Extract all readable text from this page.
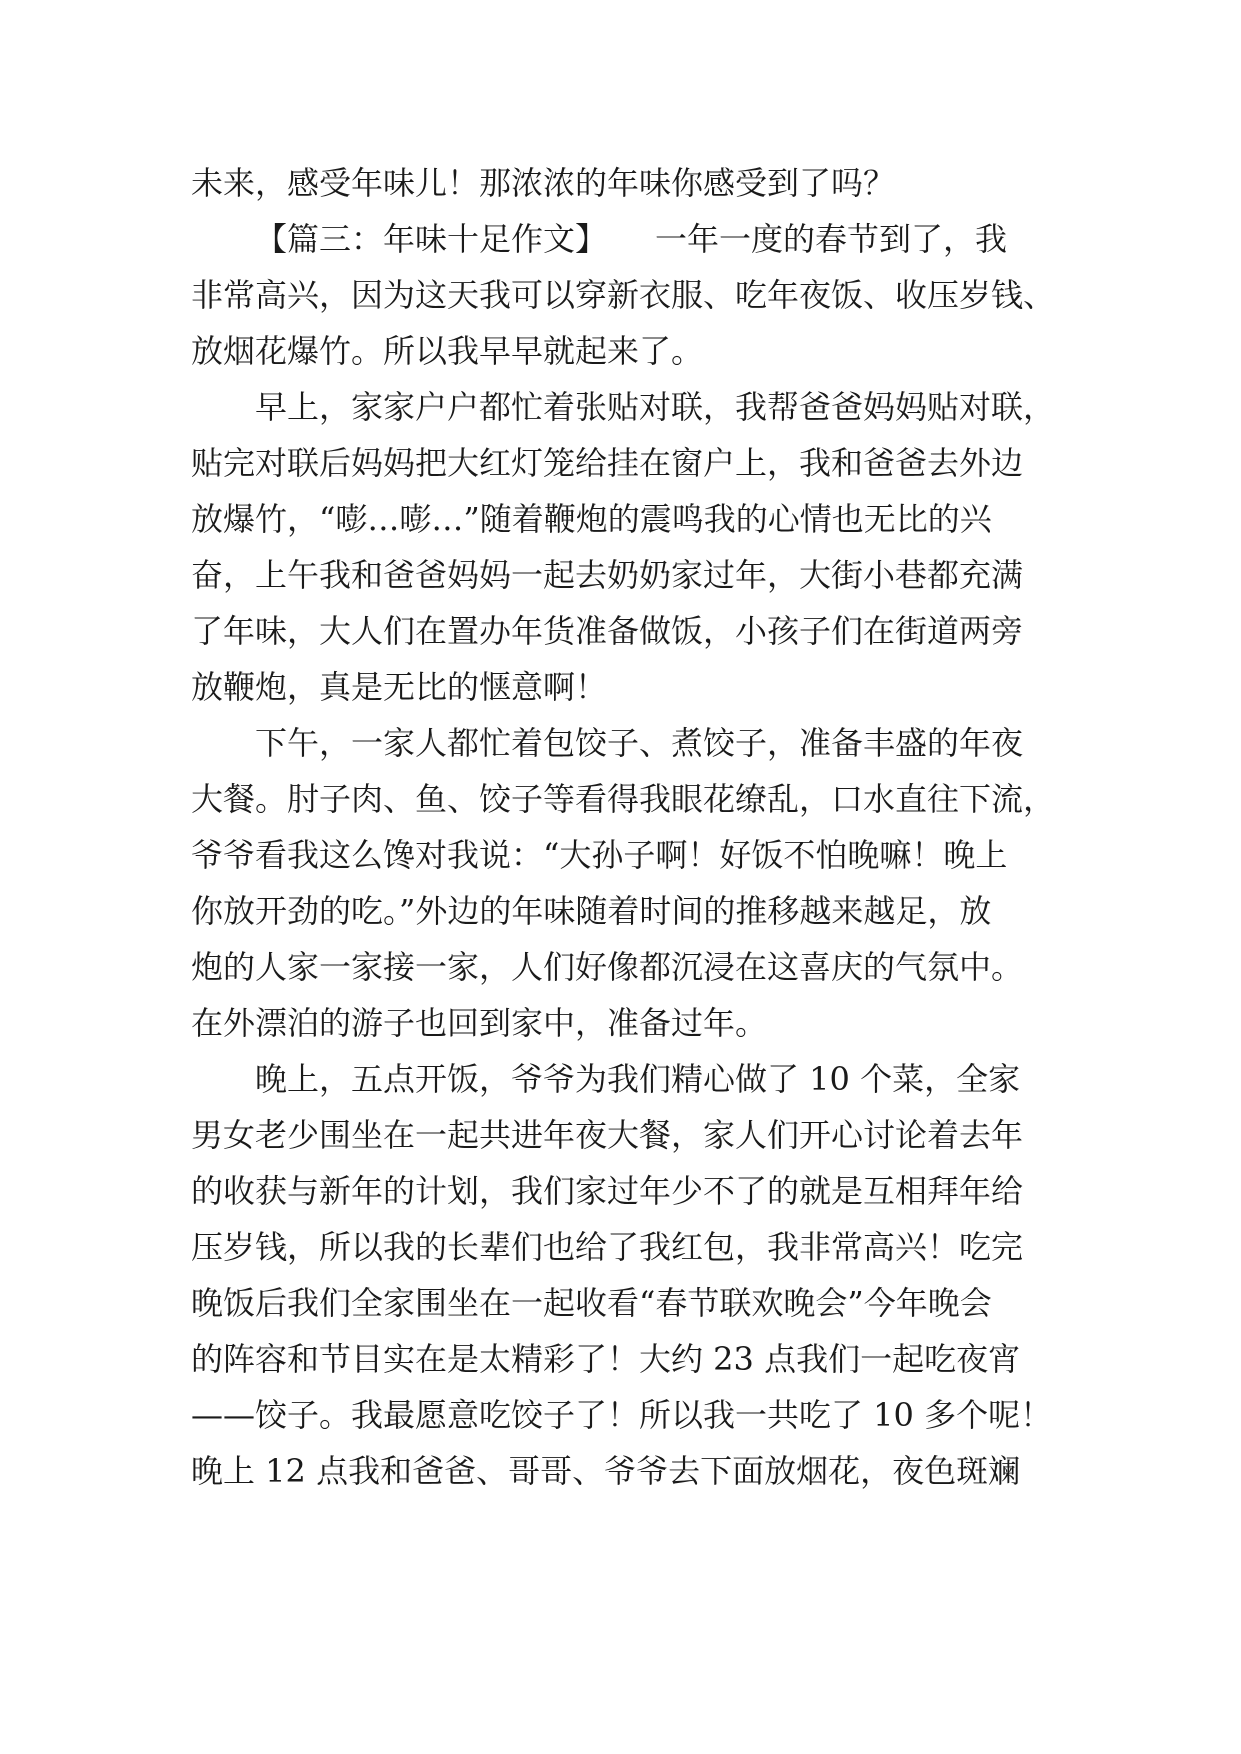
未来，感受年味儿！那浓浓的年味你感受到了吗？
【篇三：年味十足作文】　　一年一度的春节到了，我
非常高兴，因为这天我可以穿新衣服、吃年夜饭、收压岁钱、
放烟花爆竹。所以我早早就起来了。
早上，家家户户都忙着张贴对联，我帮爸爸妈妈贴对联，
贴完对联后妈妈把大红灯笼给挂在窗户上，我和爸爸去外边
放爆竹，“嘭…嘭…”随着鞭炮的震鸣我的心情也无比的兴
奋，上午我和爸爸妈妈一起去奶奶家过年，大街小巷都充满
了年味，大人们在置办年货准备做饭，小孩子们在街道两旁
放鞭炮，真是无比的惬意啊！
下午，一家人都忙着包饺子、煮饺子，准备丰盛的年夜
大餐。肘子肉、鱼、饺子等看得我眼花缭乱，口水直往下流，
爷爷看我这么馋对我说：“大孙子啊！好饭不怕晚嘛！晚上
你放开劲的吃。”外边的年味随着时间的推移越来越足，放
炮的人家一家接一家，人们好像都沉浸在这喜庆的气氛中。
在外漂泊的游子也回到家中，准备过年。
晚上，五点开饭，爷爷为我们精心做了 10 个菜，全家
男女老少围坐在一起共进年夜大餐，家人们开心讨论着去年
的收获与新年的计划，我们家过年少不了的就是互相拜年给
压岁钱，所以我的长辈们也给了我红包，我非常高兴！吃完
晚饭后我们全家围坐在一起收看“春节联欢晚会”今年晚会
的阵容和节目实在是太精彩了！大约 23 点我们一起吃夜宵
——饺子。我最愿意吃饺子了！所以我一共吃了 10 多个呢！
晚上 12 点我和爸爸、哥哥、爷爷去下面放烟花，夜色斑斓
